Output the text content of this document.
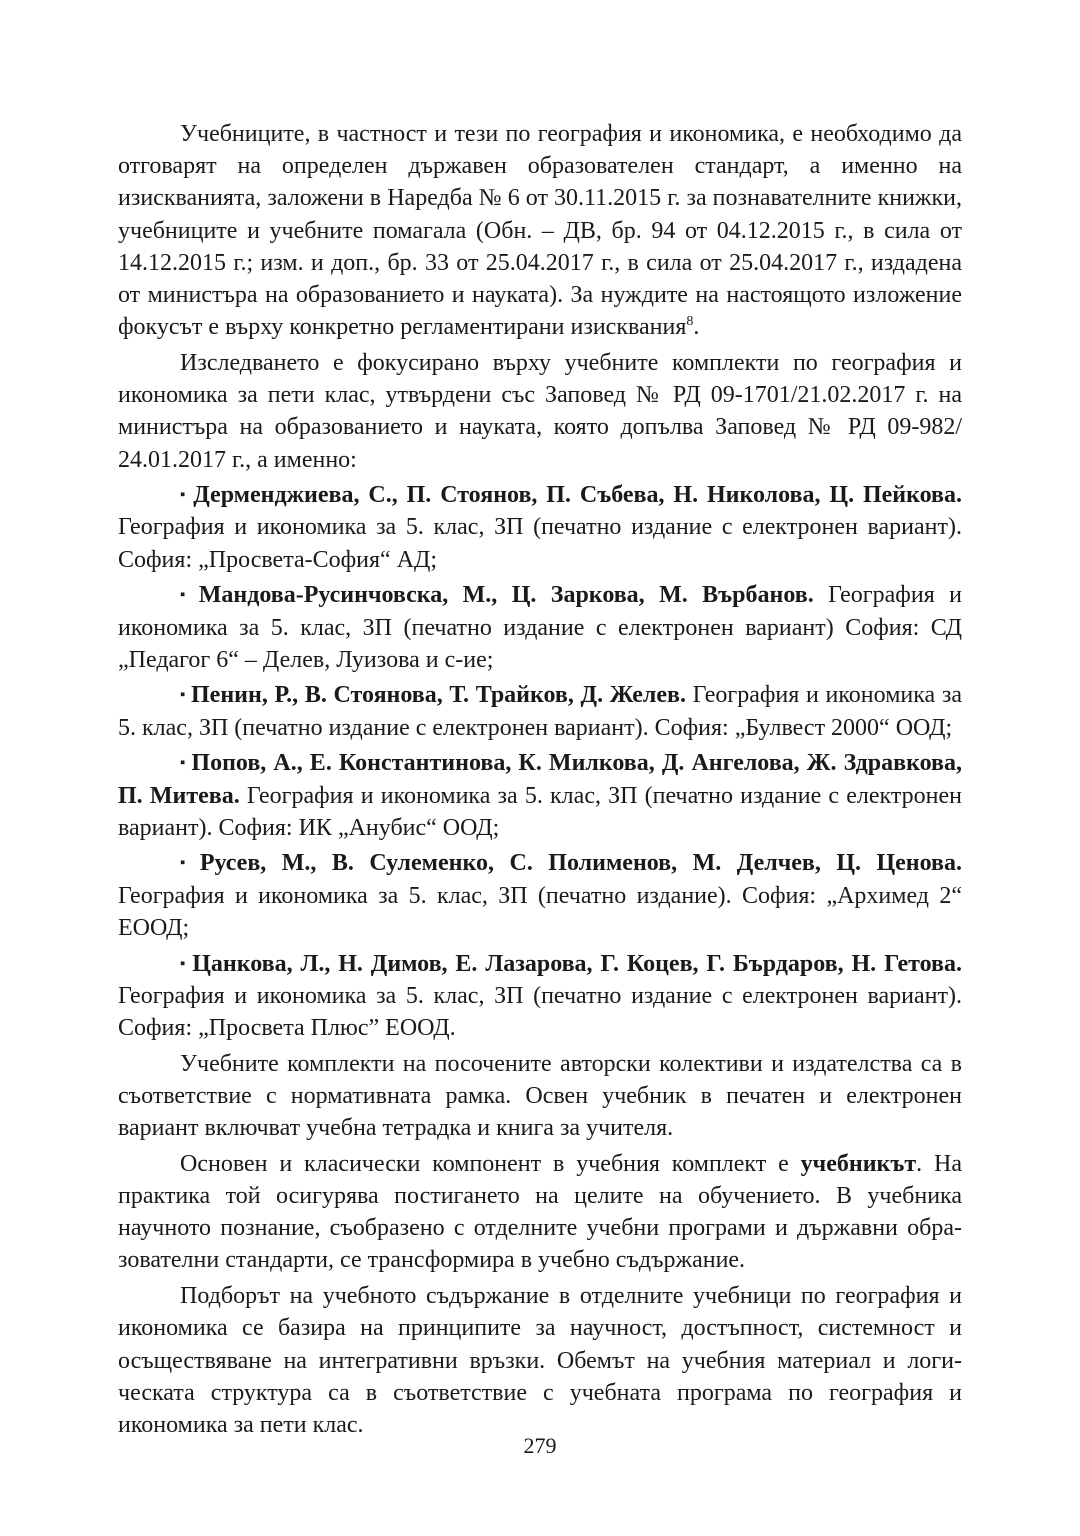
Учебниците, в частност и тези по география и икономика, е необходимо да отговарят на определен държавен образователен стандарт, а именно на изискванията, заложени в Наредба № 6 от 30.11.2015 г. за познавателните книжки, учебниците и учебните помагала (Обн. – ДВ, бр. 94 от 04.12.2015 г., в сила от 14.12.2015 г.; изм. и доп., бр. 33 от 25.04.2017 г., в сила от 25.04.2017 г., издадена от министъра на образованието и науката). За нуждите на настоящото изложение фокусът е върху конкретно регламентирани изисквания$^8$.

Изследването е фокусирано върху учебните комплекти по география и икономика за пети клас, утвърдени със Заповед № РД 09-1701/21.02.2017 г. на министъра на образованието и науката, която допълва Заповед № РД 09-982/ 24.01.2017 г., а именно:

▪ Дерменджиева, С., П. Стоянов, П. Събева, Н. Николова, Ц. Пейкова. География и икономика за 5. клас, ЗП (печатно издание с електронен вариант). София: „Просвета-София“ АД;

▪ Мандова-Русинчовска, М., Ц. Заркова, М. Върбанов. География и икономика за 5. клас, ЗП (печатно издание с електронен вариант) София: СД „Педагог 6“ – Делев, Луизова и с-ие;

▪ Пенин, Р., В. Стоянова, Т. Трайков, Д. Желев. География и икономика за 5. клас, ЗП (печатно издание с електронен вариант). София: „Булвест 2000“ ООД;

▪ Попов, А., Е. Константинова, К. Милкова, Д. Ангелова, Ж. Здравкова, П. Митева. География и икономика за 5. клас, ЗП (печатно издание с електронен вариант). София: ИК „Анубис“ ООД;

▪ Русев, М., В. Сулеменко, С. Полименов, М. Делчев, Ц. Ценова. География и икономика за 5. клас, ЗП (печатно издание). София: „Архимед 2“ ЕООД;

▪ Цанкова, Л., Н. Димов, Е. Лазарова, Г. Коцев, Г. Бърдаров, Н. Гетова. География и икономика за 5. клас, ЗП (печатно издание с електронен вариант). София: „Просвета Плюс” ЕООД.

Учебните комплекти на посочените авторски колективи и издателства са в съответствие с нормативната рамка. Освен учебник в печатен и електронен вариант включват учебна тетрадка и книга за учителя.

Основен и класически компонент в учебния комплект е учебникът. На практика той осигурява постигането на целите на обучението. В учебника научното познание, съобразено с отделните учебни програми и държавни образователни стандарти, се трансформира в учебно съдържание.

Подборът на учебното съдържание в отделните учебници по география и икономика се базира на принципите за научност, достъпност, системност и осъществяване на интегративни връзки. Обемът на учебния материал и логическата структура са в съответствие с учебната програма по география и икономика за пети клас.

279
